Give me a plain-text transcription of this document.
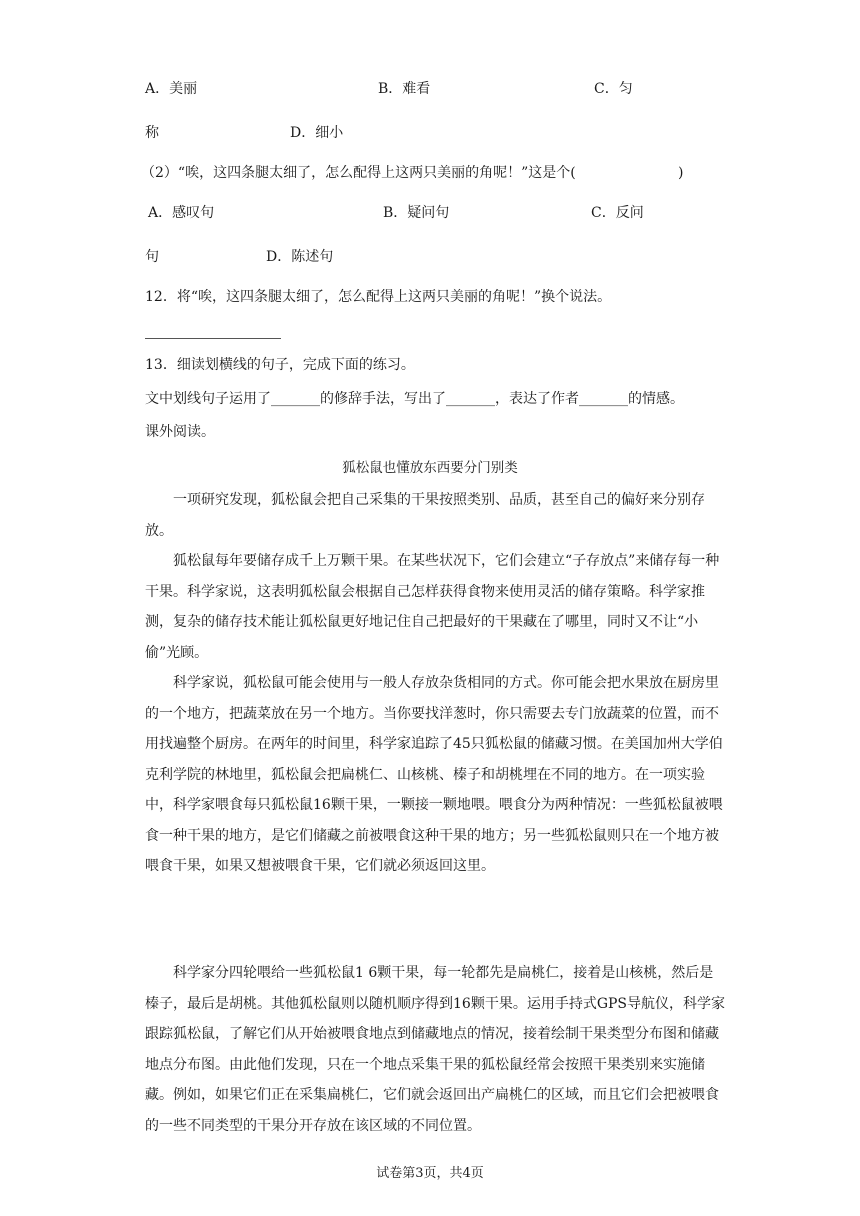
A．美丽	B．难看	C．匀
称	D．细小
（2）“唉，这四条腿太细了，怎么配得上这两只美丽的角呢！”这是个(	)
A．感叹句	B．疑问句	C．反问
句	D．陈述句
12．将“唉，这四条腿太细了，怎么配得上这两只美丽的角呢！”换个说法。
13．细读划横线的句子，完成下面的练习。
文中划线句子运用了_______的修辞手法，写出了_______，表达了作者_______的情感。
课外阅读。
狐松鼠也懂放东西要分门别类
一项研究发现，狐松鼠会把自己采集的干果按照类别、品质，甚至自己的偏好来分别存放。
狐松鼠每年要储存成千上万颗干果。在某些状况下，它们会建立“子存放点”来储存每一种干果。科学家说，这表明狐松鼠会根据自己怎样获得食物来使用灵活的储存策略。科学家推测，复杂的储存技术能让狐松鼠更好地记住自己把最好的干果藏在了哪里，同时又不让“小偷”光顾。
科学家说，狐松鼠可能会使用与一般人存放杂货相同的方式。你可能会把水果放在厨房里的一个地方，把蔬菜放在另一个地方。当你要找洋葱时，你只需要去专门放蔬菜的位置，而不用找遍整个厨房。在两年的时间里，科学家追踪了45只狐松鼠的储藏习惯。在美国加州大学伯克利学院的林地里，狐松鼠会把扁桃仁、山核桃、榛子和胡桃埋在不同的地方。在一项实验中，科学家喂食每只狐松鼠16颗干果，一颗接一颗地喂。喂食分为两种情况：一些狐松鼠被喂食一种干果的地方，是它们储藏之前被喂食这种干果的地方；另一些狐松鼠则只在一个地方被喂食干果，如果又想被喂食干果，它们就必须返回这里。
科学家分四轮喂给一些狐松鼠1 6颗干果，每一轮都先是扁桃仁，接着是山核桃，然后是榛子，最后是胡桃。其他狐松鼠则以随机顺序得到16颗干果。运用手持式GPS导航仪，科学家跟踪狐松鼠，了解它们从开始被喂食地点到储藏地点的情况，接着绘制干果类型分布图和储藏地点分布图。由此他们发现，只在一个地点采集干果的狐松鼠经常会按照干果类别来实施储藏。例如，如果它们正在采集扁桃仁，它们就会返回出产扁桃仁的区域，而且它们会把被喂食的一些不同类型的干果分开存放在该区域的不同位置。
试卷第3页，共4页
